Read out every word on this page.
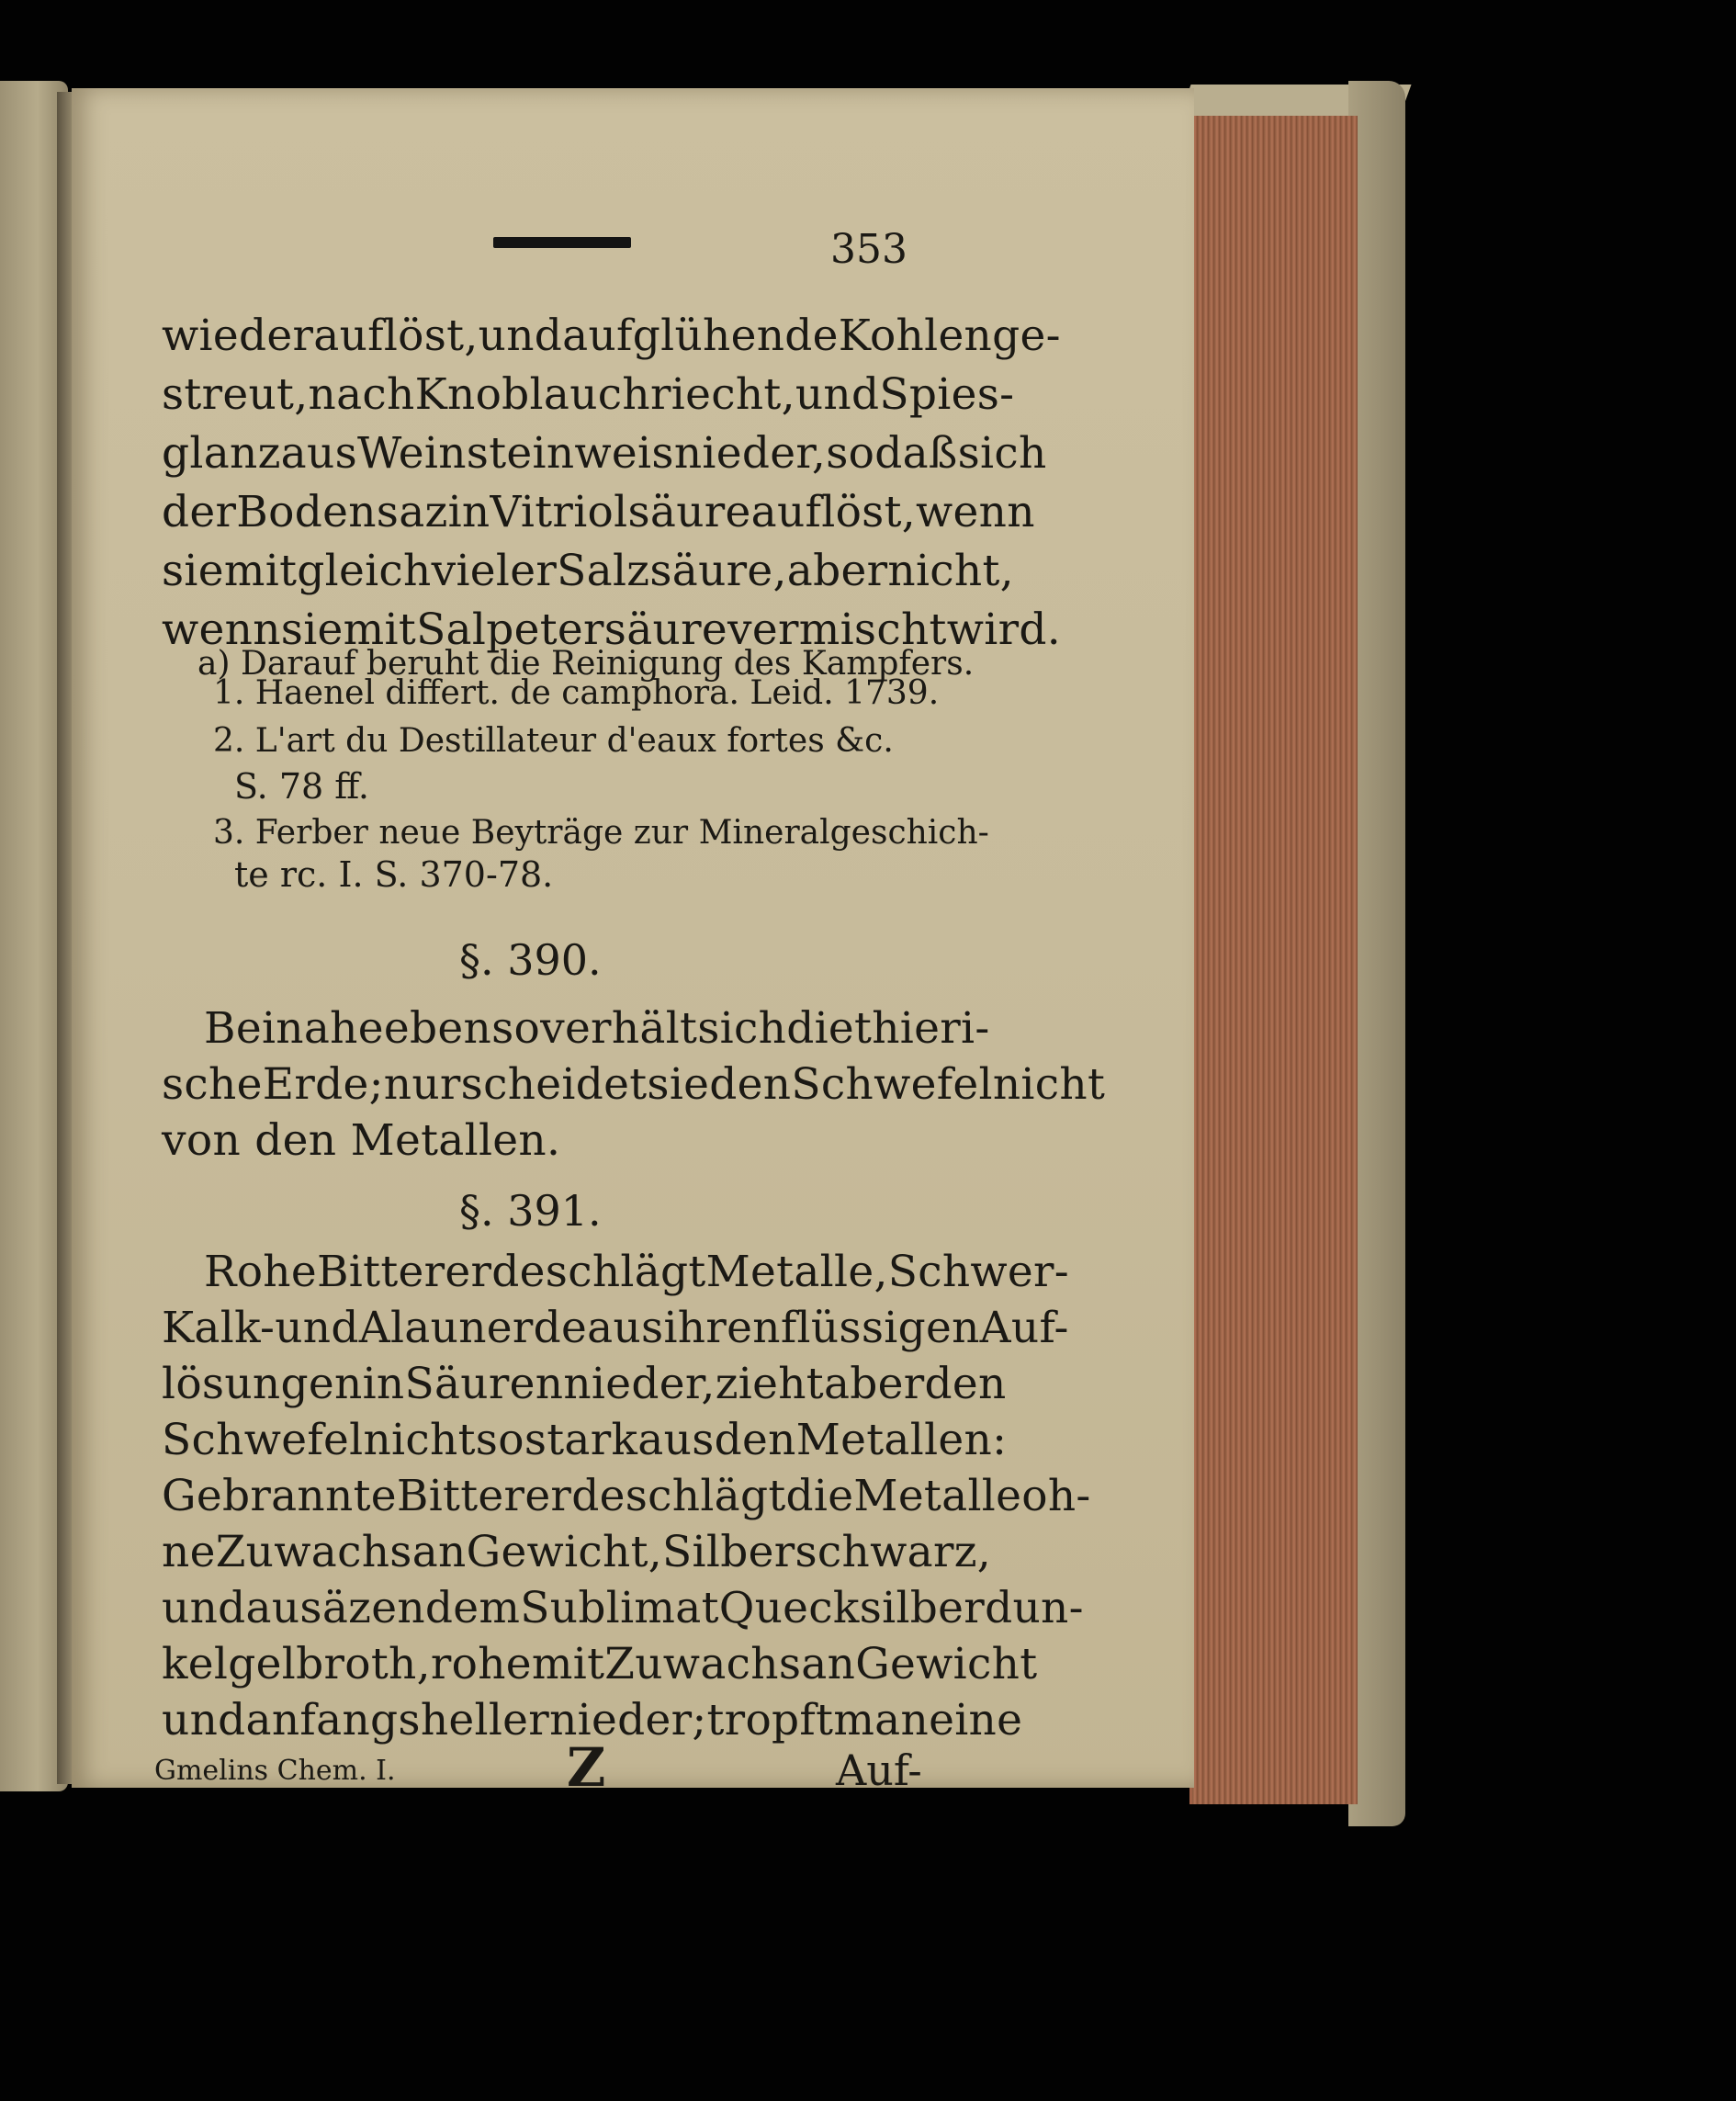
353
wieder auflöst, und auf glühende Kohlen ge-
streut, nach Knoblauch riecht, und Spies-
glanz aus Weinstein weis nieder, so daß sich
der Bodensaz in Vitriolsäure auflöst, wenn
sie mit gleich vieler Salzsäure, aber nicht,
wenn sie mit Salpetersäure vermischt wird.
a) Darauf beruht die Reinigung des Kampfers.
1. Haenel differt. de camphora. Leid. 1739.
2. L'art du Destillateur d'eaux fortes &c.
S. 78 ff.
3. Ferber neue Beyträge zur Mineralgeschich-
te rc. I. S. 370-78.
§. 390.
Beinahe eben so verhält sich die thieri-
sche Erde; nur scheidet sie den Schwefel nicht
von den Metallen.
§. 391.
Rohe Bittererde schlägt Metalle, Schwer-
Kalk- und Alaunerde aus ihren flüssigen Auf-
lösungen in Säuren nieder, zieht aber den
Schwefel nicht so stark aus den Metallen:
Gebrannte Bittererde schlägt die Metalle oh-
ne Zuwachs an Gewicht, Silber schwarz,
und aus äzendem Sublimat Quecksilber dun-
kel gelbroth, rohe mit Zuwachs an Gewicht
und anfangs heller nieder; tropft man eine
Gmelins Chem. I.	Z	Auf-
